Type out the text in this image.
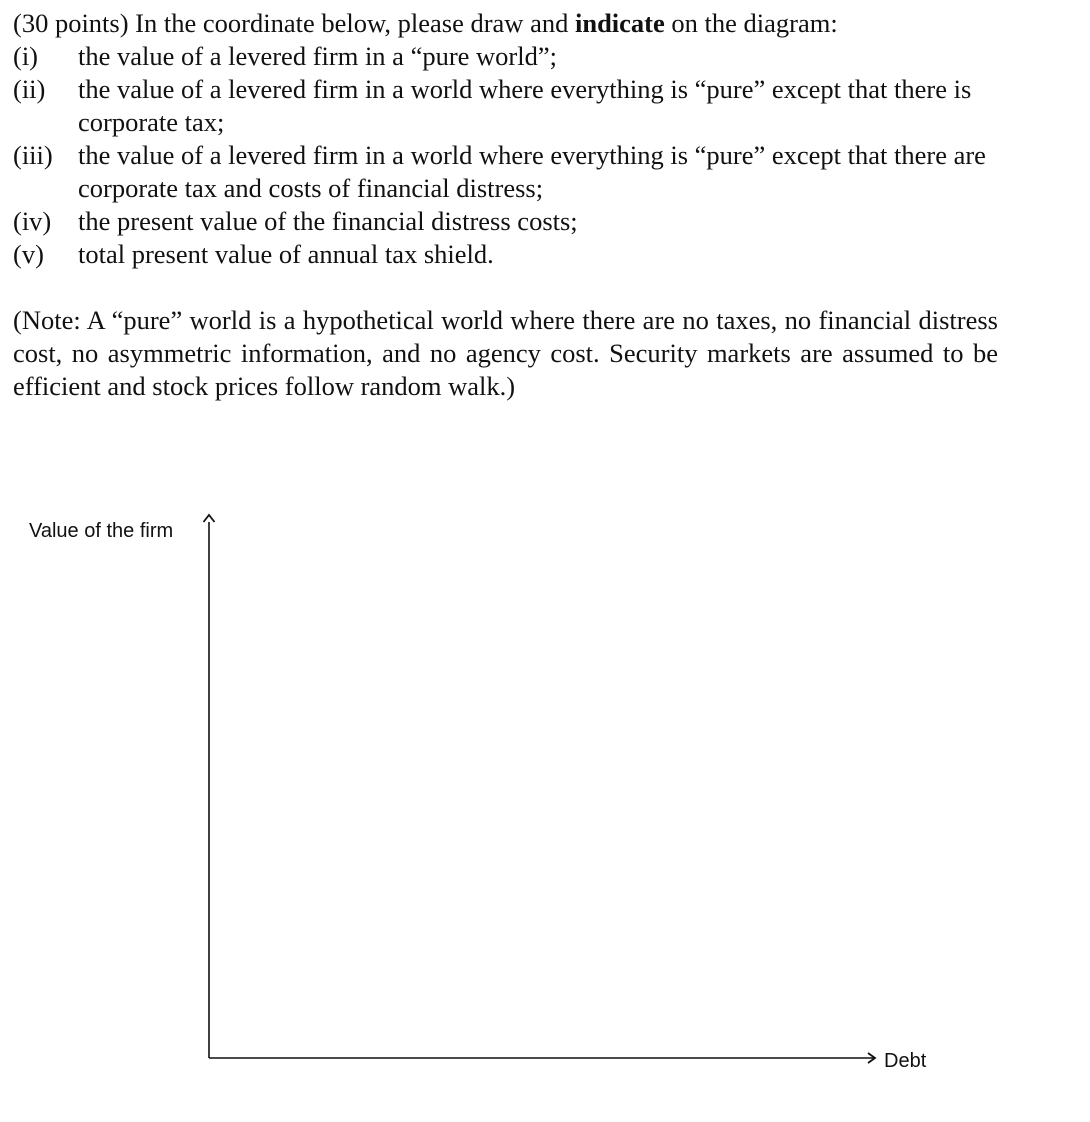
(30 points) In the coordinate below, please draw and indicate on the diagram:

(i)	the value of a levered firm in a “pure world”;
(ii)	the value of a levered firm in a world where everything is “pure” except that there is corporate tax;
(iii) the value of a levered firm in a world where everything is “pure” except that there are corporate tax and costs of financial distress;
(iv)	the present value of the financial distress costs;
(v)	total present value of annual tax shield.

(Note: A “pure” world is a hypothetical world where there are no taxes, no financial distress cost, no asymmetric information, and no agency cost. Security markets are assumed to be efficient and stock prices follow random walk.)

Value of the firm
Debt
